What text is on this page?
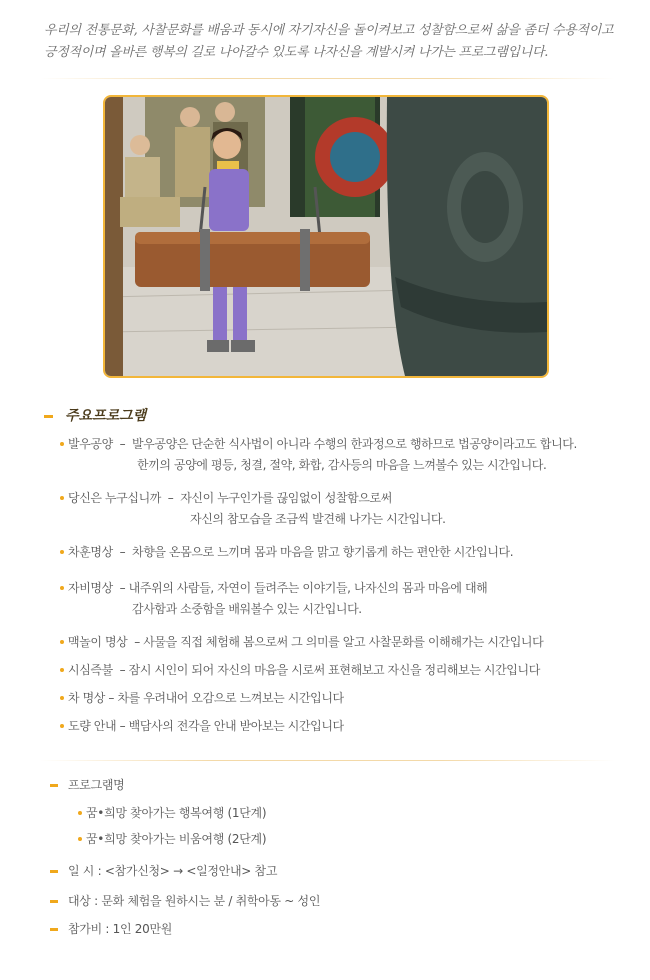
우리의 전통문화, 사찰문화를 배움과 동시에 자기자신을 돌이켜보고 성찰함으로써 삶을 좀더 수용적이고
긍정적이며 올바른 행복의 길로 나아갈수 있도록 나자신을 계발시켜 나가는 프로그램입니다.
주요프로그램
발우공양  –  발우공양은 단순한 식사법이 아니라 수행의 한과정으로 행하므로 법공양이라고도 합니다.
한끼의 공양에 평등, 청결, 절약, 화합, 감사등의 마음을 느껴볼수 있는 시간입니다.
당신은 누구십니까  –  자신이 누구인가를 끊임없이 성찰함으로써
자신의 참모습을 조금씩 발견해 나가는 시간입니다.
차훈명상  –  차향을 온몸으로 느끼며 몸과 마음을 맑고 향기롭게 하는 편안한 시간입니다.
자비명상  – 내주위의 사람들, 자연이 들려주는 이야기들, 나자신의 몸과 마음에 대해
감사함과 소중함을 배워볼수 있는 시간입니다.
맥놀이 명상  – 사물을 직접 체험해 봄으로써 그 의미를 알고 사찰문화를 이해해가는 시간입니다
시심즉불  – 잠시 시인이 되어 자신의 마음을 시로써 표현해보고 자신을 정리해보는 시간입니다
차 명상 – 차를 우려내어 오감으로 느껴보는 시간입니다
도량 안내 – 백담사의 전각을 안내 받아보는 시간입니다
프로그램명
꿈•희망 찾아가는 행복여행 (1단계)
꿈•희망 찾아가는 비움여행 (2단계)
일 시 : <참가신청> → <일정안내> 참고
대상 : 문화 체험을 원하시는 분 / 취학아동 ~ 성인
참가비 : 1인 20만원
